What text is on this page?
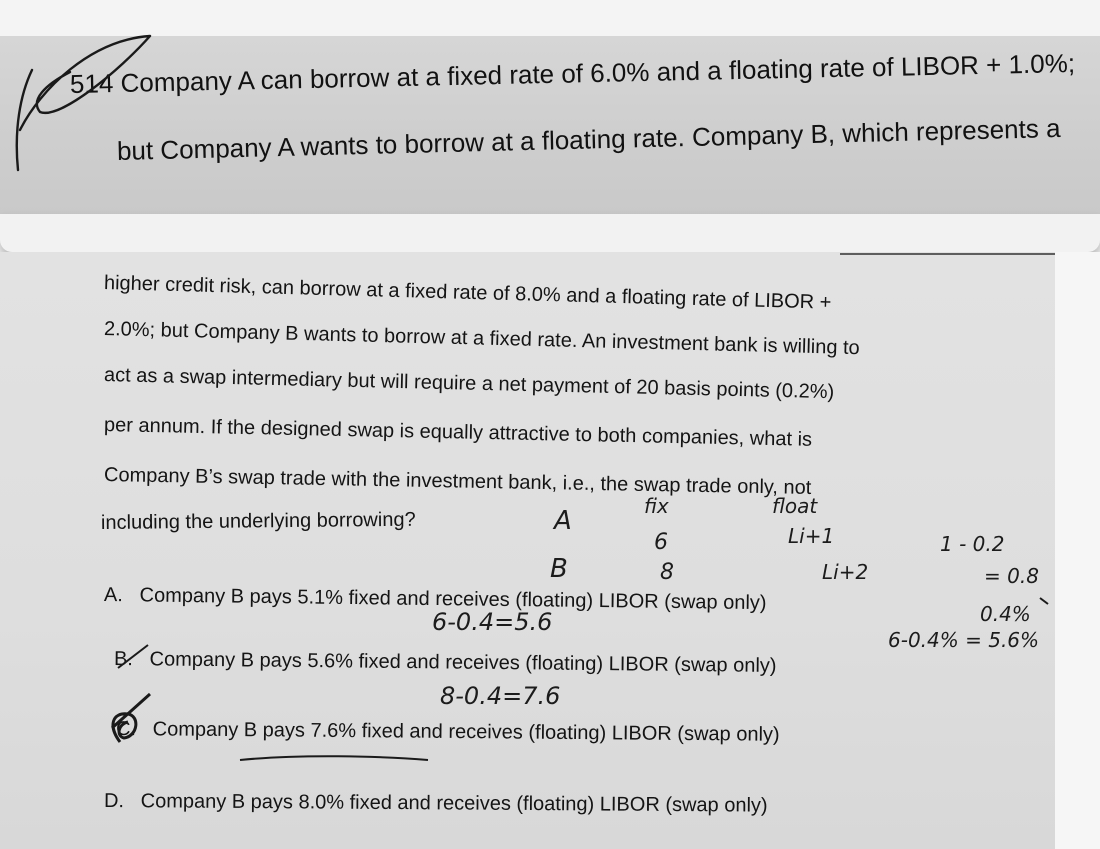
514 Company A can borrow at a fixed rate of 6.0% and a floating rate of LIBOR + 1.0%;
but Company A wants to borrow at a floating rate. Company B, which represents a
higher credit risk, can borrow at a fixed rate of 8.0% and a floating rate of LIBOR +
2.0%; but Company B wants to borrow at a fixed rate. An investment bank is willing to
act as a swap intermediary but will require a net payment of 20 basis points (0.2%)
per annum. If the designed swap is equally attractive to both companies, what is
Company B’s swap trade with the investment bank, i.e., the swap trade only, not
including the underlying borrowing?
A. Company B pays 5.1% fixed and receives (floating) LIBOR (swap only)
B. Company B pays 5.6% fixed and receives (floating) LIBOR (swap only)
C. Company B pays 7.6% fixed and receives (floating) LIBOR (swap only)
D. Company B pays 8.0% fixed and receives (floating) LIBOR (swap only)
fix	float
A
B
6
8
Li+1
Li+2
1 - 0.2
= 0.8
0.4%
6-0.4=5.6
6-0.4% = 5.6%
8-0.4=7.6
